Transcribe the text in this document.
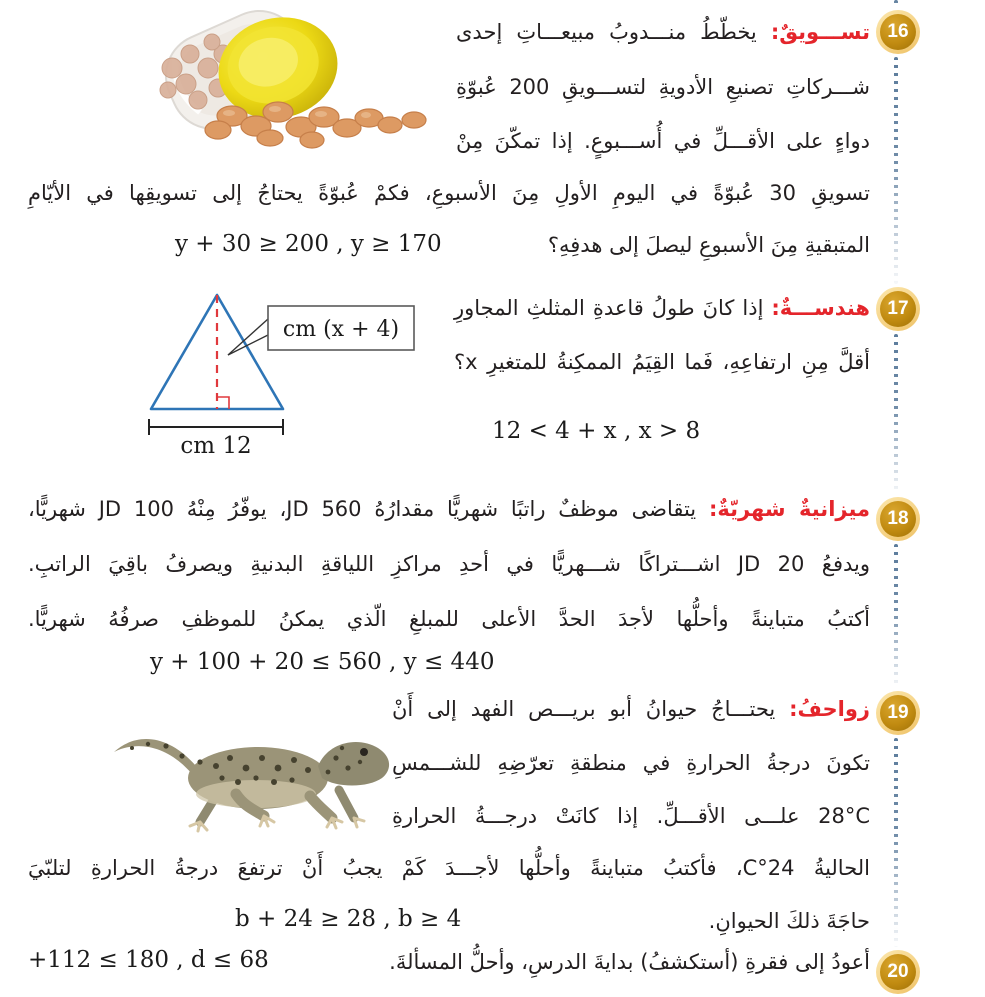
16
17
18
19
20
تســـويقٌ: يخطّطُ منـــدوبُ مبيعـــاتِ إحدى
شـــركاتِ تصنيعِ الأدويةِ لتســـويقِ 200 عُبوّةِ
دواءٍ على الأقـــلِّ في أُســـبوعٍ. إذا تمكّنَ مِنْ
تسويقِ 30 عُبوّةً في اليومِ الأولِ مِنَ الأسبوعِ، فكمْ عُبوّةً يحتاجُ إلى تسويقِها في الأيّامِ
المتبقيةِ مِنَ الأسبوعِ ليصلَ إلى هدفِهِ؟
y + 30 ≥ 200 , y ≥ 170
هندســـةٌ: إذا كانَ طولُ قاعدةِ المثلثِ المجاورِ
أقلَّ مِنِ ارتفاعِهِ، فَما القِيَمُ الممكِنةُ للمتغيرِ x؟
12 < 4 + x , x > 8
(4 + x) cm
12 cm
ميزانيةٌ شهريّةٌ: يتقاضى موظفٌ راتبًا شهريًّا مقدارُهُ JD 560، يوفّرُ مِنْهُ JD 100 شهريًّا،
ويدفعُ JD 20 اشـــتراكًا شـــهريًّا في أحدِ مراكزِ اللياقةِ البدنيةِ ويصرفُ باقِيَ الراتبِ.
أكتبُ متباينةً وأحلُّها لأجدَ الحدَّ الأعلى للمبلغِ الّذي يمكنُ للموظفِ صرفُهُ شهريًّا.
y + 100 + 20 ≤ 560 , y ≤ 440
زواحفُ: يحتـــاجُ حيوانُ أبو بريـــص الفهد إلى أَنْ
تكونَ درجةُ الحرارةِ في منطقةِ تعرّضِهِ للشـــمسِ
28°C علـــى الأقـــلِّ. إذا كانَتْ درجـــةُ الحرارةِ
الحاليةُ 24°C، فأكتبُ متباينةً وأحلُّها لأجـــدَ كَمْ يجبُ أَنْ ترتفعَ درجةُ الحرارةِ لتلبّيَ
حاجَةَ ذلكَ الحيوانِ.
b + 24 ≥ 28 , b ≥ 4
أعودُ إلى فقرةِ (أستكشفُ) بدايةَ الدرسِ، وأحلُّ المسألةَ.
+112 ≤ 180 , d ≤ 68
